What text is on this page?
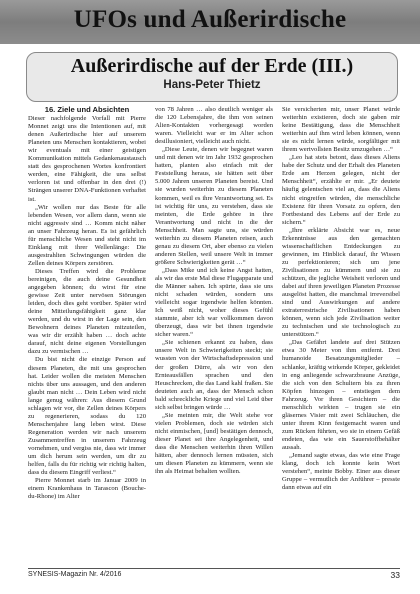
UFOs und Außerirdische
Außerirdische auf der Erde (III.)
Hans-Peter Thietz
16. Ziele und Absichten

Dieser nachfolgende Vorfall mit Pierre Monnet zeigt uns die Intentionen auf, mit denen Außerirdische hier auf unserem Planeten uns Menschen kontaktieren, wobei wir eventuals mit einer geistigen Kommunikation mittels Gedankenaustausch statt des gesprochenen Wortes konfrontiert werden, eine Fähigkeit, die uns selbst verloren ist und offenbar in den drei (!) Strängen unserer DNA-Funktionen verhaftet ist.

„Wir wollen nur das Beste für alle lebenden Wesen, vor allem dann, wenn sie nicht aggressiv sind … Komm nicht näher an unser Fahrzeug heran. Es ist gefährlich für menschliche Wesen und steht nicht im Einklang mit ihrer Wellenlänge: Die ausgestrahlten Schwingungen würden die Zellen deines Körpers zerstören.

Dieses Treffen wird die Probleme bereinigen, die auch deine Gesundheit angegeben können; du wirst für eine gewisse Zeit unter nervösen Störungen leiden, doch dies geht vorüber. Später wird deine Mitteilungsfähigkeit ganz klar werden, und du wirst in der Lage sein, den Bewohnern deines Planeten mitzuteilen, was wir dir erzählt haben … doch achte darauf, nicht deine eigenen Vorstellungen dazu zu vermischen …

Du bist nicht die einzige Person auf diesem Planeten, die mit uns gesprochen hat. Leider wollen die meisten Menschen nichts über uns aussagen, und den anderen glaubt man nicht … Dein Leben wird nicht lange genug währen: Aus diesem Grund schlagen wir vor, die Zellen deines Körpers zu regenerieren, sodass du 120 Menschenjahre lang leben wirst. Diese Regeneration werden wir nach unserem Zusammentreffen in unserem Fahrzeug vornehmen, und vergiss nie, dass wir immer um dich herum sein werden, um dir zu helfen, falls du für richtig wir richtig halten, dass du diesem Eingriff verliest.“

Pierre Monnet starb im Januar 2009 in einem Krankenhaus in Tarascon (Bouche-du-Rhone) im Alter

von 78 Jahren … also deutlich weniger als die 120 Lebensjahre, die ihm von seinen Alien-Kontakten vorhergesagt worden waren. Vielleicht war er im Alter schon desillusioniert, vielleicht auch nicht.

„Diese Leute, denen wir begegnet waren und mit denen wir im Jahr 1932 gesprochen hatten, planten also einfach mit der Feststellung heraus, sie hätten seit über 5.000 Jahren unseren Planeten bereist. Und sie wurden weiterhin zu diesem Planeten kommen, weil es ihre Verantwortung sei. Es ist wichtig für uns, zu verstehen, dass sie meinten, die Erde gehöre in ihre Verantwortung und nicht in die der Menschheit. Man sagte uns, sie würden weiterhin zu diesem Planeten reisen, auch genau zu diesem Ort, aber ebenso zu vielen anderen Stellen, weil unsere Welt in immer größere Schwierigkeiten gerät …“

„Dass Mike und ich keine Angst hatten, als wir das erste Mal diese Flugapparate und die Männer sahen. Ich spürte, dass sie uns nicht schaden würden, sondern uns vielleicht sogar irgendwie helfen könnten. Ich weiß nicht, woher dieses Gefühl stammte, aber ich war vollkommen davon überzeugt, dass wir bei ihnen irgendwie sicher waren.“

„Sie schienen erkannt zu haben, dass unsere Welt in Schwierigkeiten steckt; sie wussten von der Wirtschaftsdepression und der großen Dürre, als wir von den Ernteausfällen sprachen und den Heuschrecken, die das Land kahl fraßen. Sie deuteten auch an, dass der Mensch schon bald schreckliche Kriege und viel Leid über sich selbst bringen würde …

„Sie meinten mir, die Welt stehe vor vielen Problemen, doch sie würden sich nicht einmischen, [und] bestätigen dennoch, dieser Planet sei ihre Angelegenheit, und dass die Menschen weiterhin ihren Willen hätten, aber dennoch lernen müssten, sich um diesen Planeten zu kümmern, wenn sie ihn als Heimat behalten wollten.

Sie versicherten mir, unser Planet würde weiterhin existieren, doch sie gaben mir keine Bestätigung, dass die Menschheit weiterhin auf ihm wird leben können, wenn sie es nicht lernen würde, sorgfältiger mit ihrem wertvollsten Besitz umzugehen …“

„Leo hat stets betont, dass dieses Aliens habe der Schutz und der Erhalt des Planeten Erde am Herzen gelegen, nicht der Menschheit“, erzählte er mir. „Er deutete häufig gelentschen viel an, dass die Aliens nicht eingreifen würden, die menschliche Existenz für ihren Vorsatz zu opfern, den Fortbestand des Lebens auf der Erde zu sichern.“

„Ihre erklärte Absicht war es, neue Erkenntnisse aus den gemachten wissenschaftlichen Entdeckungen zu gewinnen, im Hinblick darauf, ihr Wissen zu perfektionieren; sich um jene Zivilisationen zu kümmern und sie zu schützen, die jegliche Weisheit verloren und dabei auf ihren jeweiligen Planeten Prozesse ausgelöst hatten, die manchmal irreversibel sind und Auswirkungen auf andere extraterrestrische Zivilisationen haben können, wenn sich jede Zivilisation weiter zu technischen und sie technologisch zu unterstützen.“

„Das Gefährt landete auf drei Stützen etwa 30 Meter von ihm entfernt. Drei humanoide Besatzungsmitglieder – schlanke, kräftig wirkende Körper, gekleidet in eng anliegende schwarzbraune Anzüge, die sich von den Schultern bis zu ihren Köpfen hinzogen – entstiegen dem Fahrzeug. Vor ihren Gesichtern – die menschlich wirkten – trugen sie ein gläsernes Visier mit zwei Schläuchen, die unter ihrem Kinn festgemacht waren und zum Rücken führten, wo sie in einem Gefäß endeten, das wie ein Sauerstoffbehälter aussah.

„Jemand sagte etwas, das wie eine Frage klang, doch ich konnte kein Wort verstehen“, meinte Bobby. Einer aus dieser Gruppe – vermutlich der Anführer – presste dann etwas auf ein

SYNESIS-Magazin Nr. 4/2016	33
